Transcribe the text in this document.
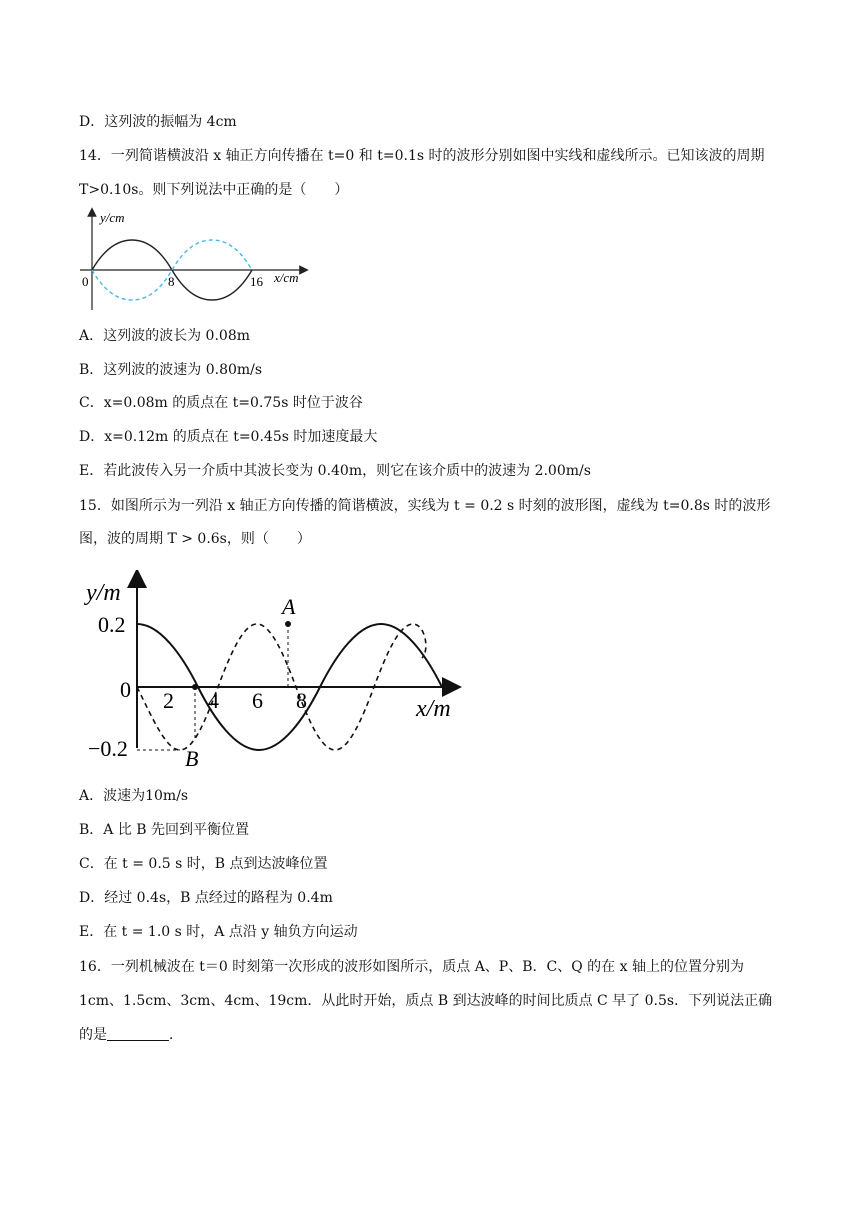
D．这列波的振幅为 4cm
14．一列简谐横波沿 x 轴正方向传播在 t=0 和 t=0.1s 时的波形分别如图中实线和虚线所示。已知该波的周期
T>0.10s。则下列说法中正确的是（　　）
y/cm
0	8	16 x/cm
A．这列波的波长为 0.08m
B．这列波的波速为 0.80m/s
C．x=0.08m 的质点在 t=0.75s 时位于波谷
D．x=0.12m 的质点在 t=0.45s 时加速度最大
E．若此波传入另一介质中其波长变为 0.40m，则它在该介质中的波速为 2.00m/s
15．如图所示为一列沿 x 轴正方向传播的简谐横波，实线为 t = 0.2 s 时刻的波形图，虚线为 t=0.8s 时的波形
图，波的周期 T > 0.6s，则（　　）
y/m
0.2
0
−0.2
2 4 6 8	x/m
A
B
A．波速为10m/s
B．A 比 B 先回到平衡位置
C．在 t = 0.5 s 时，B 点到达波峰位置
D．经过 0.4s，B 点经过的路程为 0.4m
E．在 t = 1.0 s 时，A 点沿 y 轴负方向运动
16．一列机械波在 t＝0 时刻第一次形成的波形如图所示，质点 A、P、B．C、Q 的在 x 轴上的位置分别为
1cm、1.5cm、3cm、4cm、19cm．从此时开始，质点 B 到达波峰的时间比质点 C 早了 0.5s．下列说法正确
的是	．
